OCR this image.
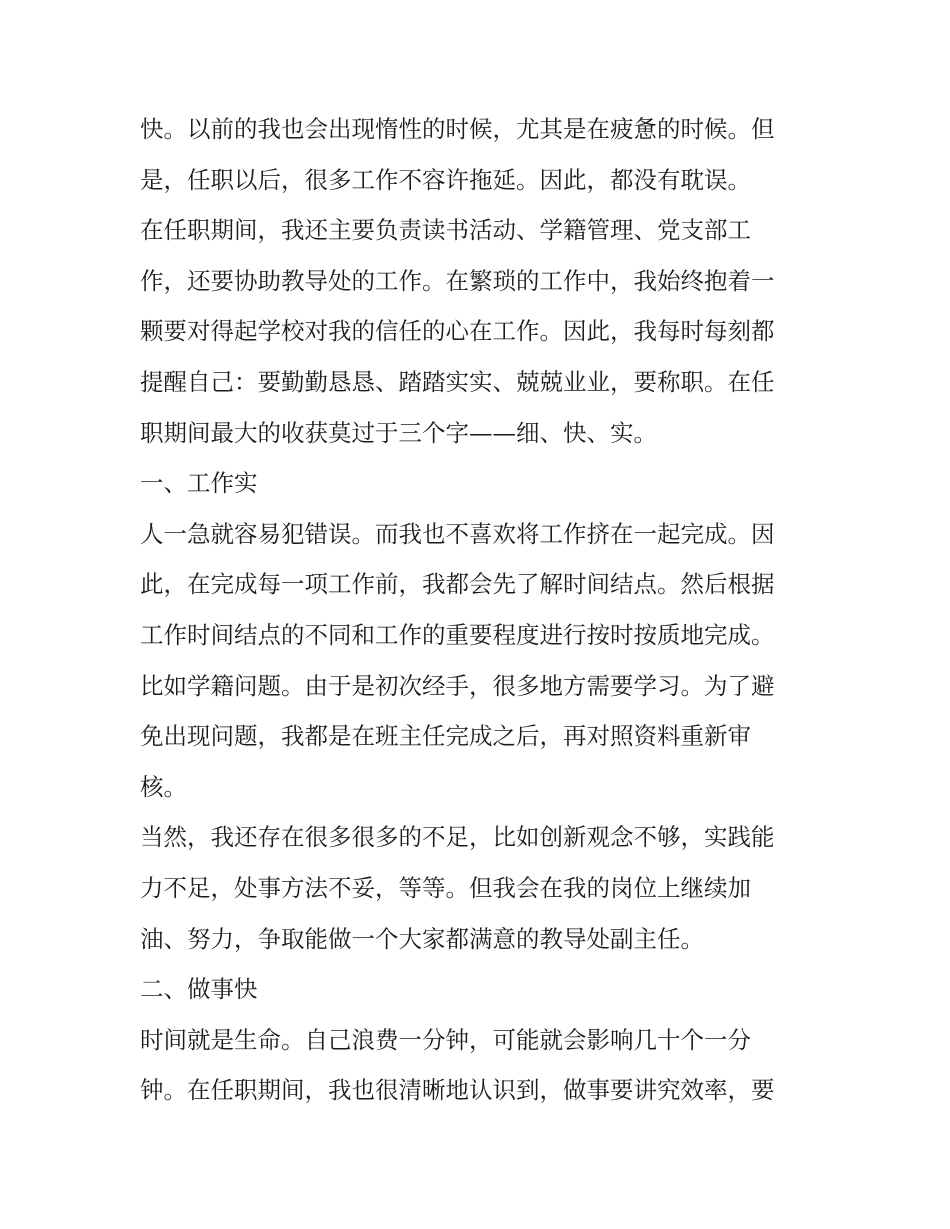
快。以前的我也会出现惰性的时候，尤其是在疲惫的时候。但
是，任职以后，很多工作不容许拖延。因此，都没有耽误。
在任职期间，我还主要负责读书活动、学籍管理、党支部工
作，还要协助教导处的工作。在繁琐的工作中，我始终抱着一
颗要对得起学校对我的信任的心在工作。因此，我每时每刻都
提醒自己：要勤勤恳恳、踏踏实实、兢兢业业，要称职。在任
职期间最大的收获莫过于三个字——细、快、实。
一、工作实
人一急就容易犯错误。而我也不喜欢将工作挤在一起完成。因
此，在完成每一项工作前，我都会先了解时间结点。然后根据
工作时间结点的不同和工作的重要程度进行按时按质地完成。
比如学籍问题。由于是初次经手，很多地方需要学习。为了避
免出现问题，我都是在班主任完成之后，再对照资料重新审
核。
当然，我还存在很多很多的不足，比如创新观念不够，实践能
力不足，处事方法不妥，等等。但我会在我的岗位上继续加
油、努力，争取能做一个大家都满意的教导处副主任。
二、做事快
时间就是生命。自己浪费一分钟，可能就会影响几十个一分
钟。在任职期间，我也很清晰地认识到，做事要讲究效率，要
